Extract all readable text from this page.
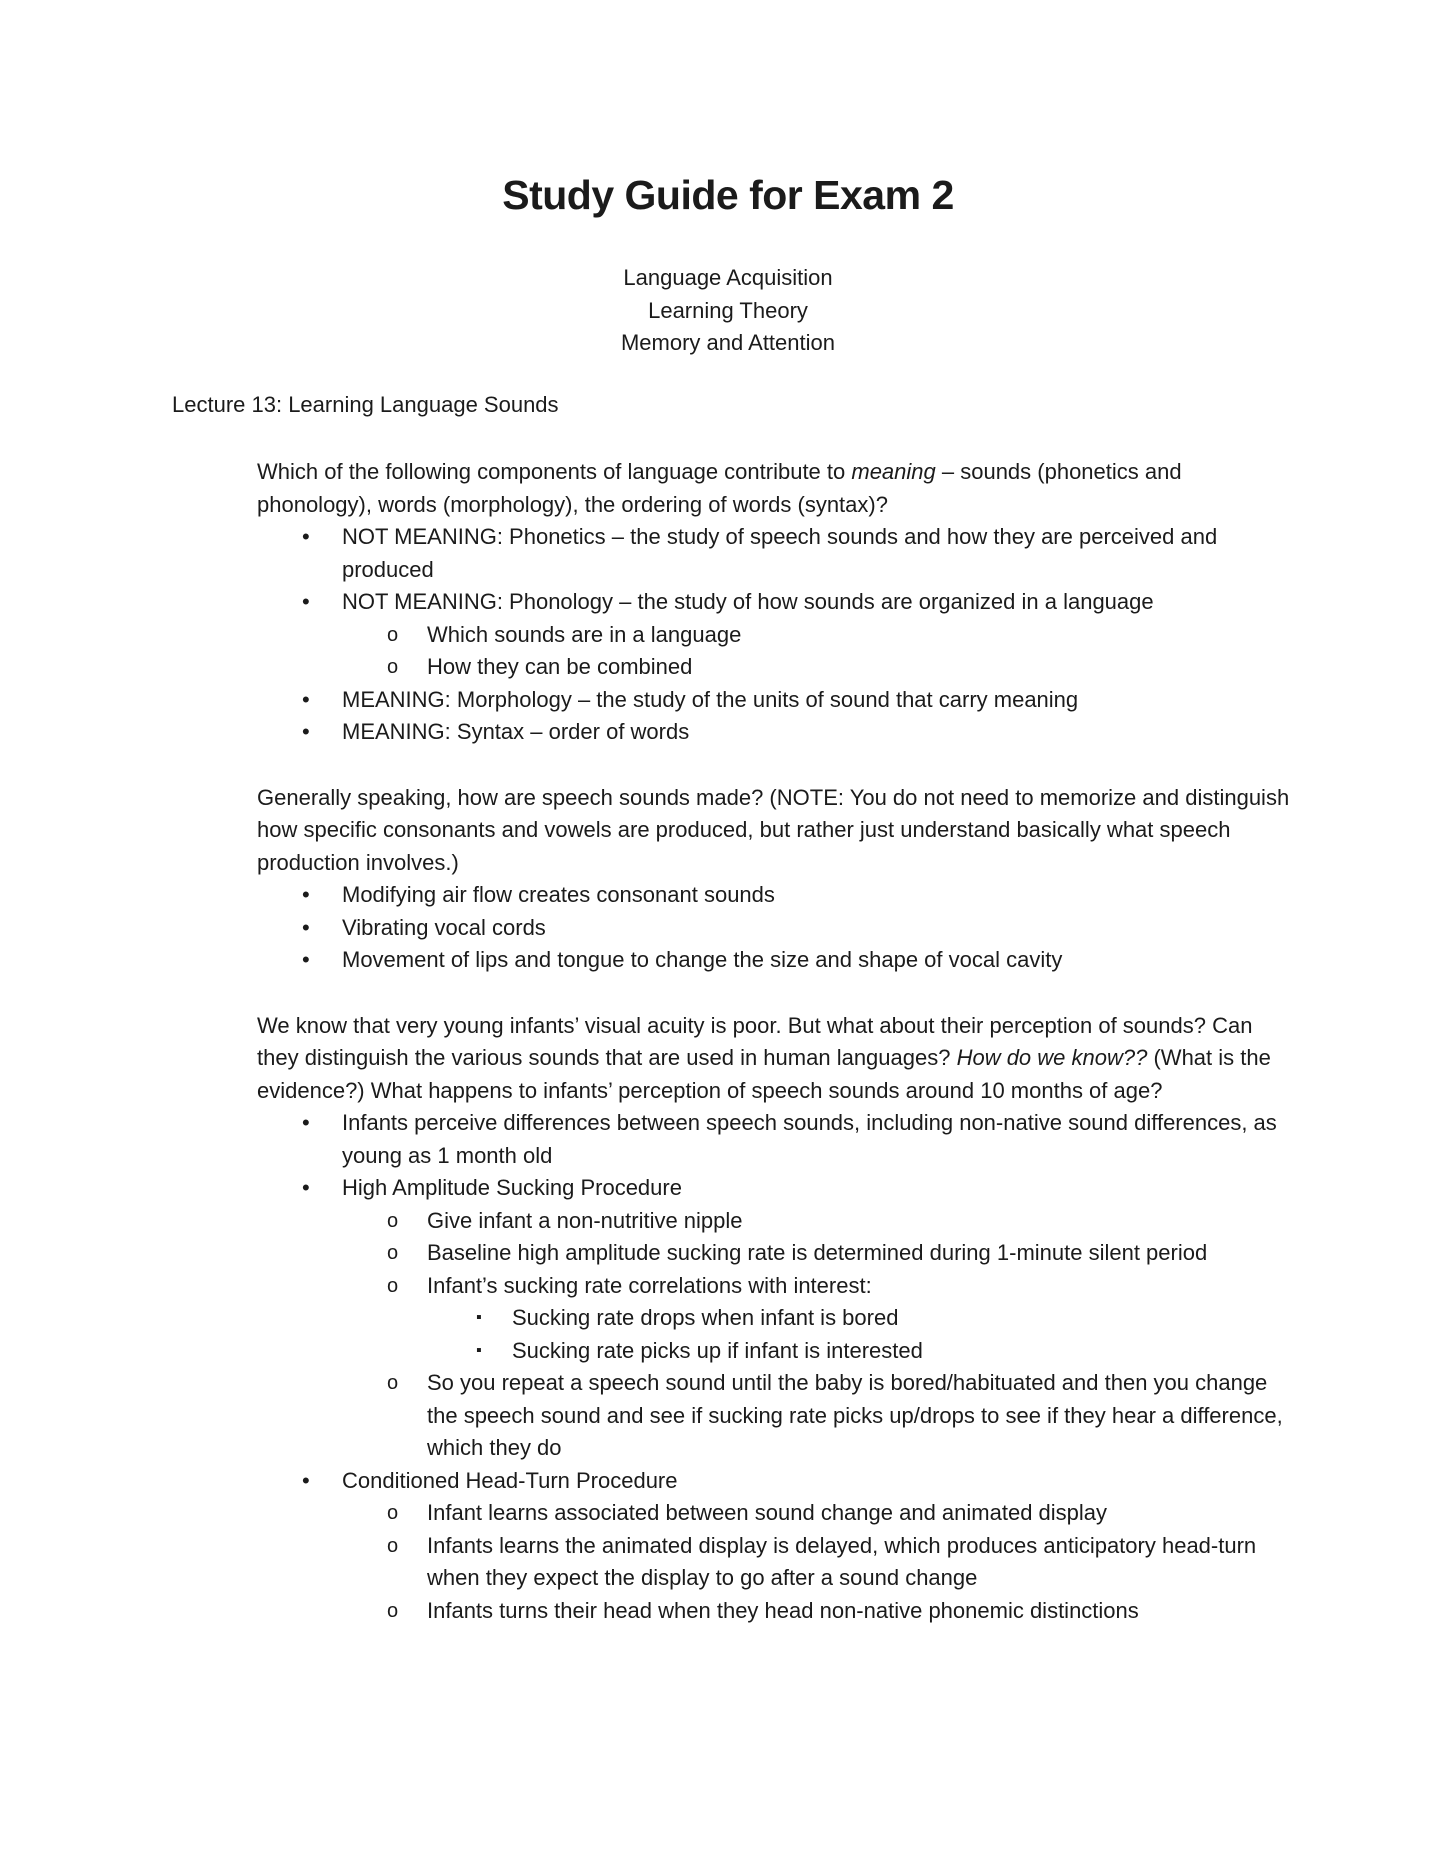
Study Guide for Exam 2
Language Acquisition
Learning Theory
Memory and Attention
Lecture 13: Learning Language Sounds

Which of the following components of language contribute to meaning – sounds (phonetics and phonology), words (morphology), the ordering of words (syntax)?

• NOT MEANING: Phonetics – the study of speech sounds and how they are perceived and produced
• NOT MEANING: Phonology – the study of how sounds are organized in a language
o Which sounds are in a language
o How they can be combined
• MEANING: Morphology – the study of the units of sound that carry meaning
• MEANING: Syntax – order of words

Generally speaking, how are speech sounds made? (NOTE: You do not need to memorize and distinguish how specific consonants and vowels are produced, but rather just understand basically what speech production involves.)

• Modifying air flow creates consonant sounds
• Vibrating vocal cords
• Movement of lips and tongue to change the size and shape of vocal cavity

We know that very young infants’ visual acuity is poor. But what about their perception of sounds? Can they distinguish the various sounds that are used in human languages? How do we know?? (What is the evidence?) What happens to infants’ perception of speech sounds around 10 months of age?

• Infants perceive differences between speech sounds, including non-native sound differences, as young as 1 month old
• High Amplitude Sucking Procedure
o Give infant a non-nutritive nipple
o Baseline high amplitude sucking rate is determined during 1-minute silent period
o Infant’s sucking rate correlations with interest:
▪ Sucking rate drops when infant is bored
▪ Sucking rate picks up if infant is interested
o So you repeat a speech sound until the baby is bored/habituated and then you change the speech sound and see if sucking rate picks up/drops to see if they hear a difference, which they do
• Conditioned Head-Turn Procedure
o Infant learns associated between sound change and animated display
o Infants learns the animated display is delayed, which produces anticipatory head-turn when they expect the display to go after a sound change
o Infants turns their head when they head non-native phonemic distinctions
